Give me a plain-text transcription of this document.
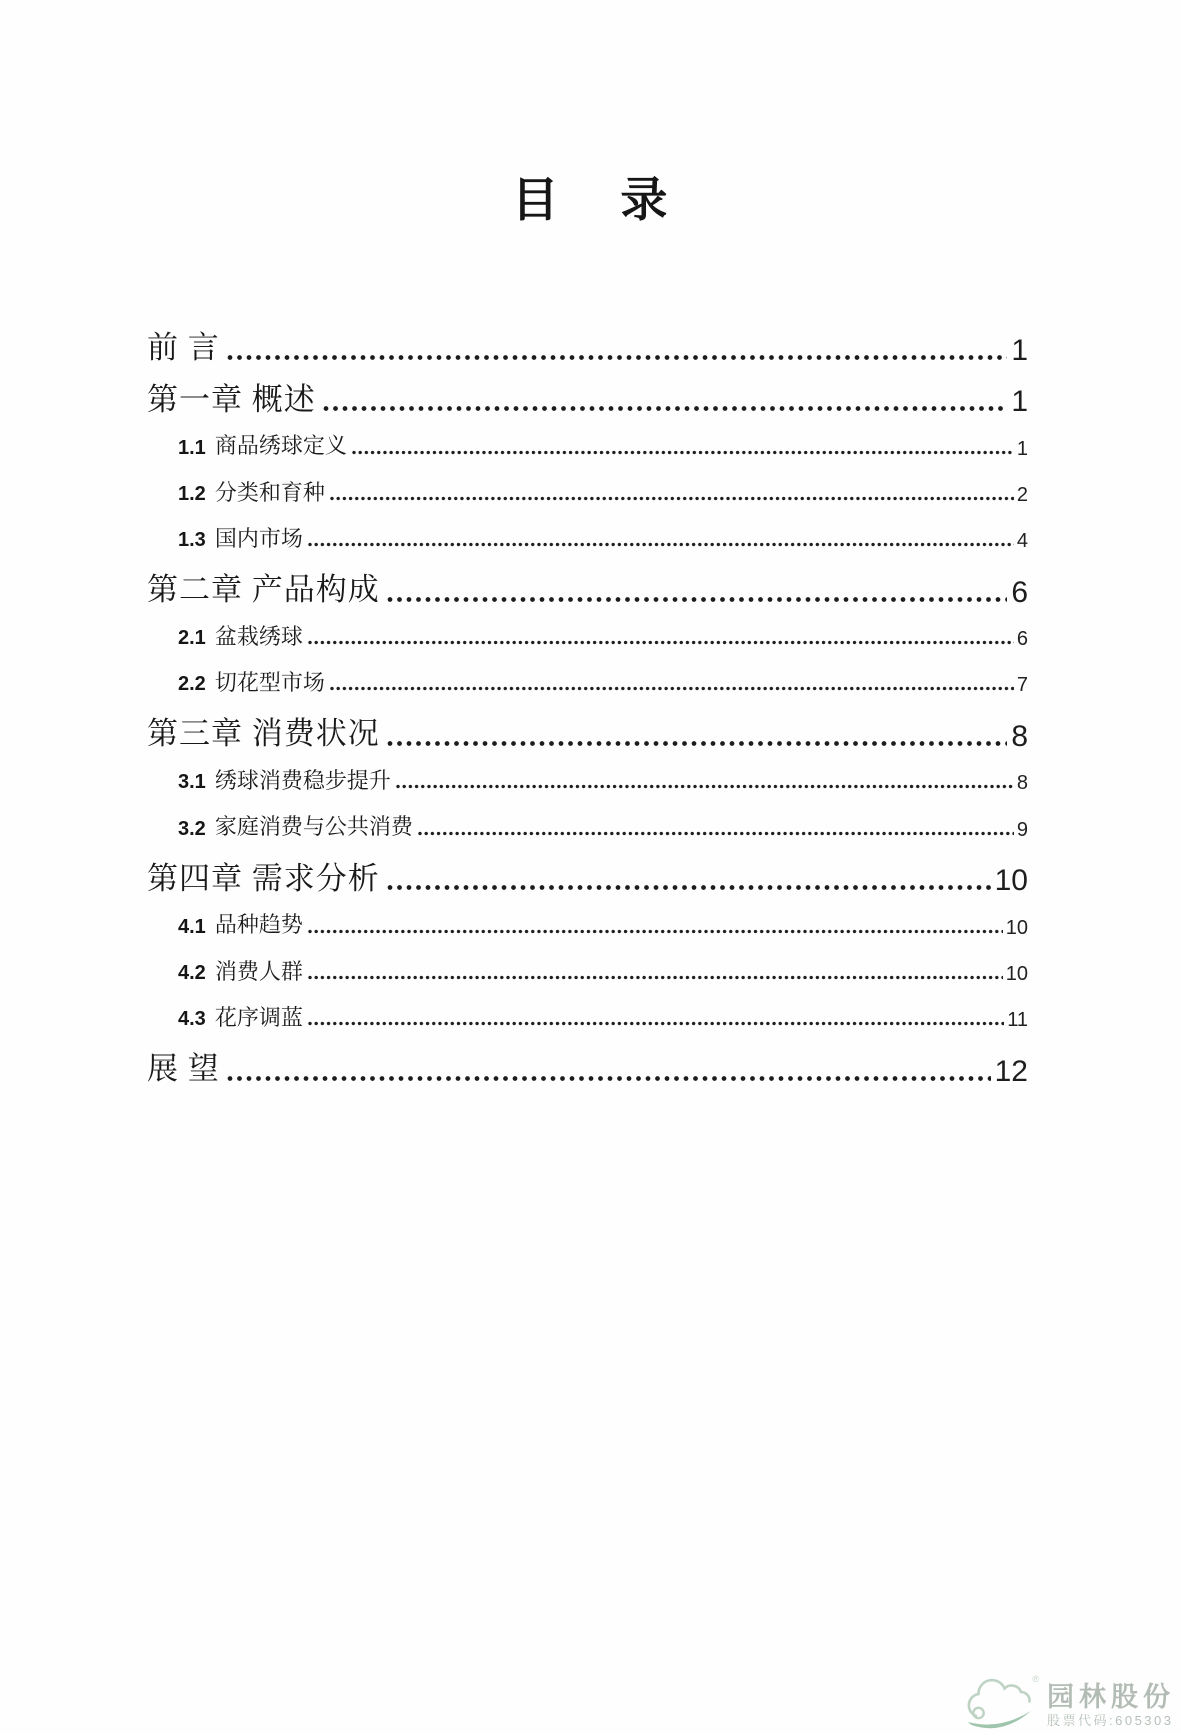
目 录
前 言	1
第一章 概述	1
1.1 商品绣球定义	1
1.2 分类和育种	2
1.3 国内市场	4
第二章 产品构成	6
2.1 盆栽绣球	6
2.2 切花型市场	7
第三章 消费状况	8
3.1 绣球消费稳步提升	8
3.2 家庭消费与公共消费	9
第四章 需求分析	10
4.1 品种趋势	10
4.2 消费人群	10
4.3 花序调蓝	11
展 望	12
®
园林股份
股票代码:605303
